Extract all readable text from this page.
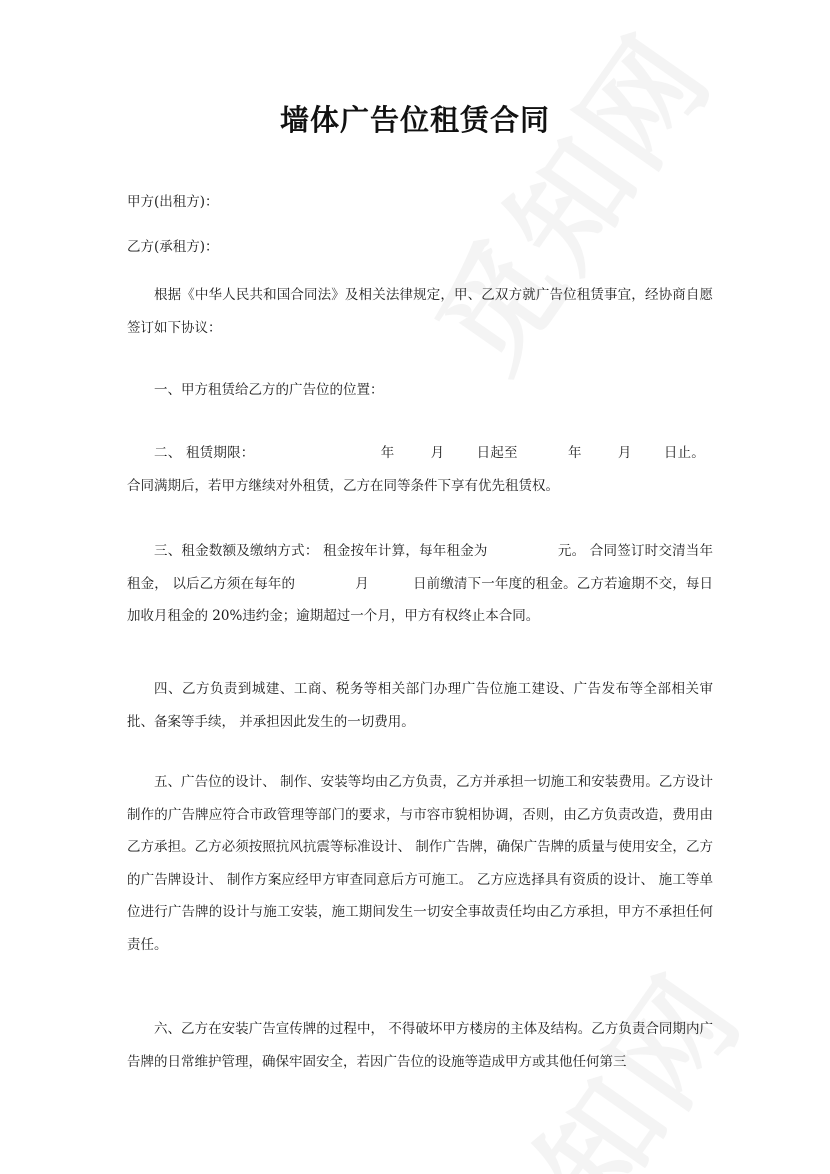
墙体广告位租赁合同
甲方(出租方)：
乙方(承租方)：
根据《中华人民共和国合同法》及相关法律规定，甲、乙双方就广告位租赁事宜，经协商自愿签订如下协议：
一、甲方租赁给乙方的广告位的位置：
二、 租赁期限：	年	月 日起至	年	月 日止。合同满期后，若甲方继续对外租赁，乙方在同等条件下享有优先租赁权。
三、租金数额及缴纳方式： 租金按年计算，每年租金为	元。 合同签订时交清当年租金， 以后乙方须在每年的	月	日前缴清下一年度的租金。乙方若逾期不交，每日加收月租金的 20%违约金；逾期超过一个月，甲方有权终止本合同。
四、乙方负责到城建、工商、税务等相关部门办理广告位施工建设、广告发布等全部相关审批、备案等手续， 并承担因此发生的一切费用。
五、广告位的设计、 制作、安装等均由乙方负责，乙方并承担一切施工和安装费用。乙方设计制作的广告牌应符合市政管理等部门的要求，与市容市貌相协调，否则，由乙方负责改造，费用由乙方承担。乙方必须按照抗风抗震等标准设计、 制作广告牌，确保广告牌的质量与使用安全，乙方的广告牌设计、 制作方案应经甲方审查同意后方可施工。 乙方应选择具有资质的设计、 施工等单位进行广告牌的设计与施工安装，施工期间发生一切安全事故责任均由乙方承担，甲方不承担任何责任。
六、乙方在安装广告宣传牌的过程中， 不得破坏甲方楼房的主体及结构。乙方负责合同期内广告牌的日常维护管理，确保牢固安全，若因广告位的设施等造成甲方或其他任何第三
